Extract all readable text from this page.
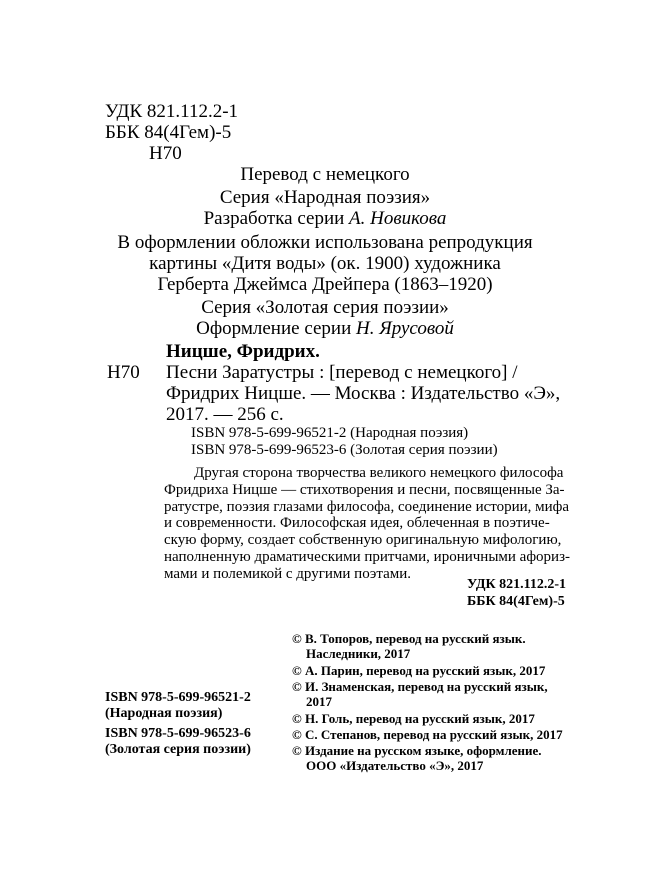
УДК 821.112.2-1
ББК 84(4Гем)-5
Н70
Перевод с немецкого
Серия «Народная поэзия»
Разработка серии А. Новикова
В оформлении обложки использована репродукция
картины «Дитя воды» (ок. 1900) художника
Герберта Джеймса Дрейпера (1863–1920)
Серия «Золотая серия поэзии»
Оформление серии Н. Ярусовой
Ницше, Фридрих.
Н70 Песни Заратустры : [перевод с немецкого] /
Фридрих Ницше. — Москва : Издательство «Э»,
2017. — 256 с.
ISBN 978-5-699-96521-2 (Народная поэзия)
ISBN 978-5-699-96523-6 (Золотая серия поэзии)
Другая сторона творчества великого немецкого философа
Фридриха Ницше — стихотворения и песни, посвященные За-
ратустре, поэзия глазами философа, соединение истории, мифа
и современности. Философская идея, облеченная в поэтиче-
скую форму, создает собственную оригинальную мифологию,
наполненную драматическими притчами, ироничными афориз-
мами и полемикой с другими поэтами.
УДК 821.112.2-1
ББК 84(4Гем)-5
ISBN 978-5-699-96521-2
(Народная поэзия)
ISBN 978-5-699-96523-6
(Золотая серия поэзии)
© В. Топоров, перевод на русский язык.
Наследники, 2017
© А. Парин, перевод на русский язык, 2017
© И. Знаменская, перевод на русский язык,
2017
© Н. Голь, перевод на русский язык, 2017
© С. Степанов, перевод на русский язык, 2017
© Издание на русском языке, оформление.
ООО «Издательство «Э», 2017
